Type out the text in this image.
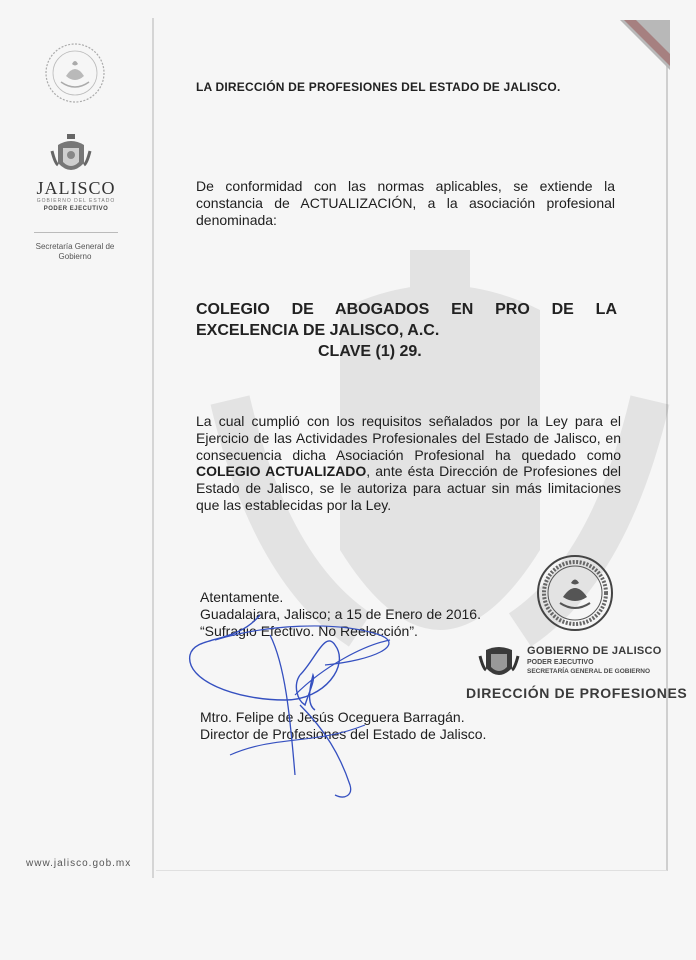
JALISCO
GOBIERNO DEL ESTADO
PODER EJECUTIVO
Secretaría General de Gobierno
www.jalisco.gob.mx
LA DIRECCIÓN DE PROFESIONES DEL ESTADO DE JALISCO.
De conformidad con las normas aplicables, se extiende la constancia de ACTUALIZACIÓN, a la asociación profesional denominada:
COLEGIO DE ABOGADOS EN PRO DE LA
EXCELENCIA DE JALISCO, A.C.
CLAVE (1) 29.
La cual cumplió con los requisitos señalados por la Ley para el Ejercicio de las Actividades Profesionales del Estado de Jalisco, en consecuencia dicha Asociación Profesional ha quedado como COLEGIO ACTUALIZADO, ante ésta Dirección de Profesiones del Estado de Jalisco, se le autoriza para actuar sin más limitaciones que las establecidas por la Ley.
Atentamente.
Guadalajara, Jalisco; a 15 de Enero de 2016.
“Sufragio Efectivo. No Reelección”.
Mtro. Felipe de Jesús Oceguera Barragán.
Director de Profesiones del Estado de Jalisco.
GOBIERNO DE JALISCO
PODER EJECUTIVO
SECRETARÍA GENERAL DE GOBIERNO
DIRECCIÓN DE PROFESIONES
